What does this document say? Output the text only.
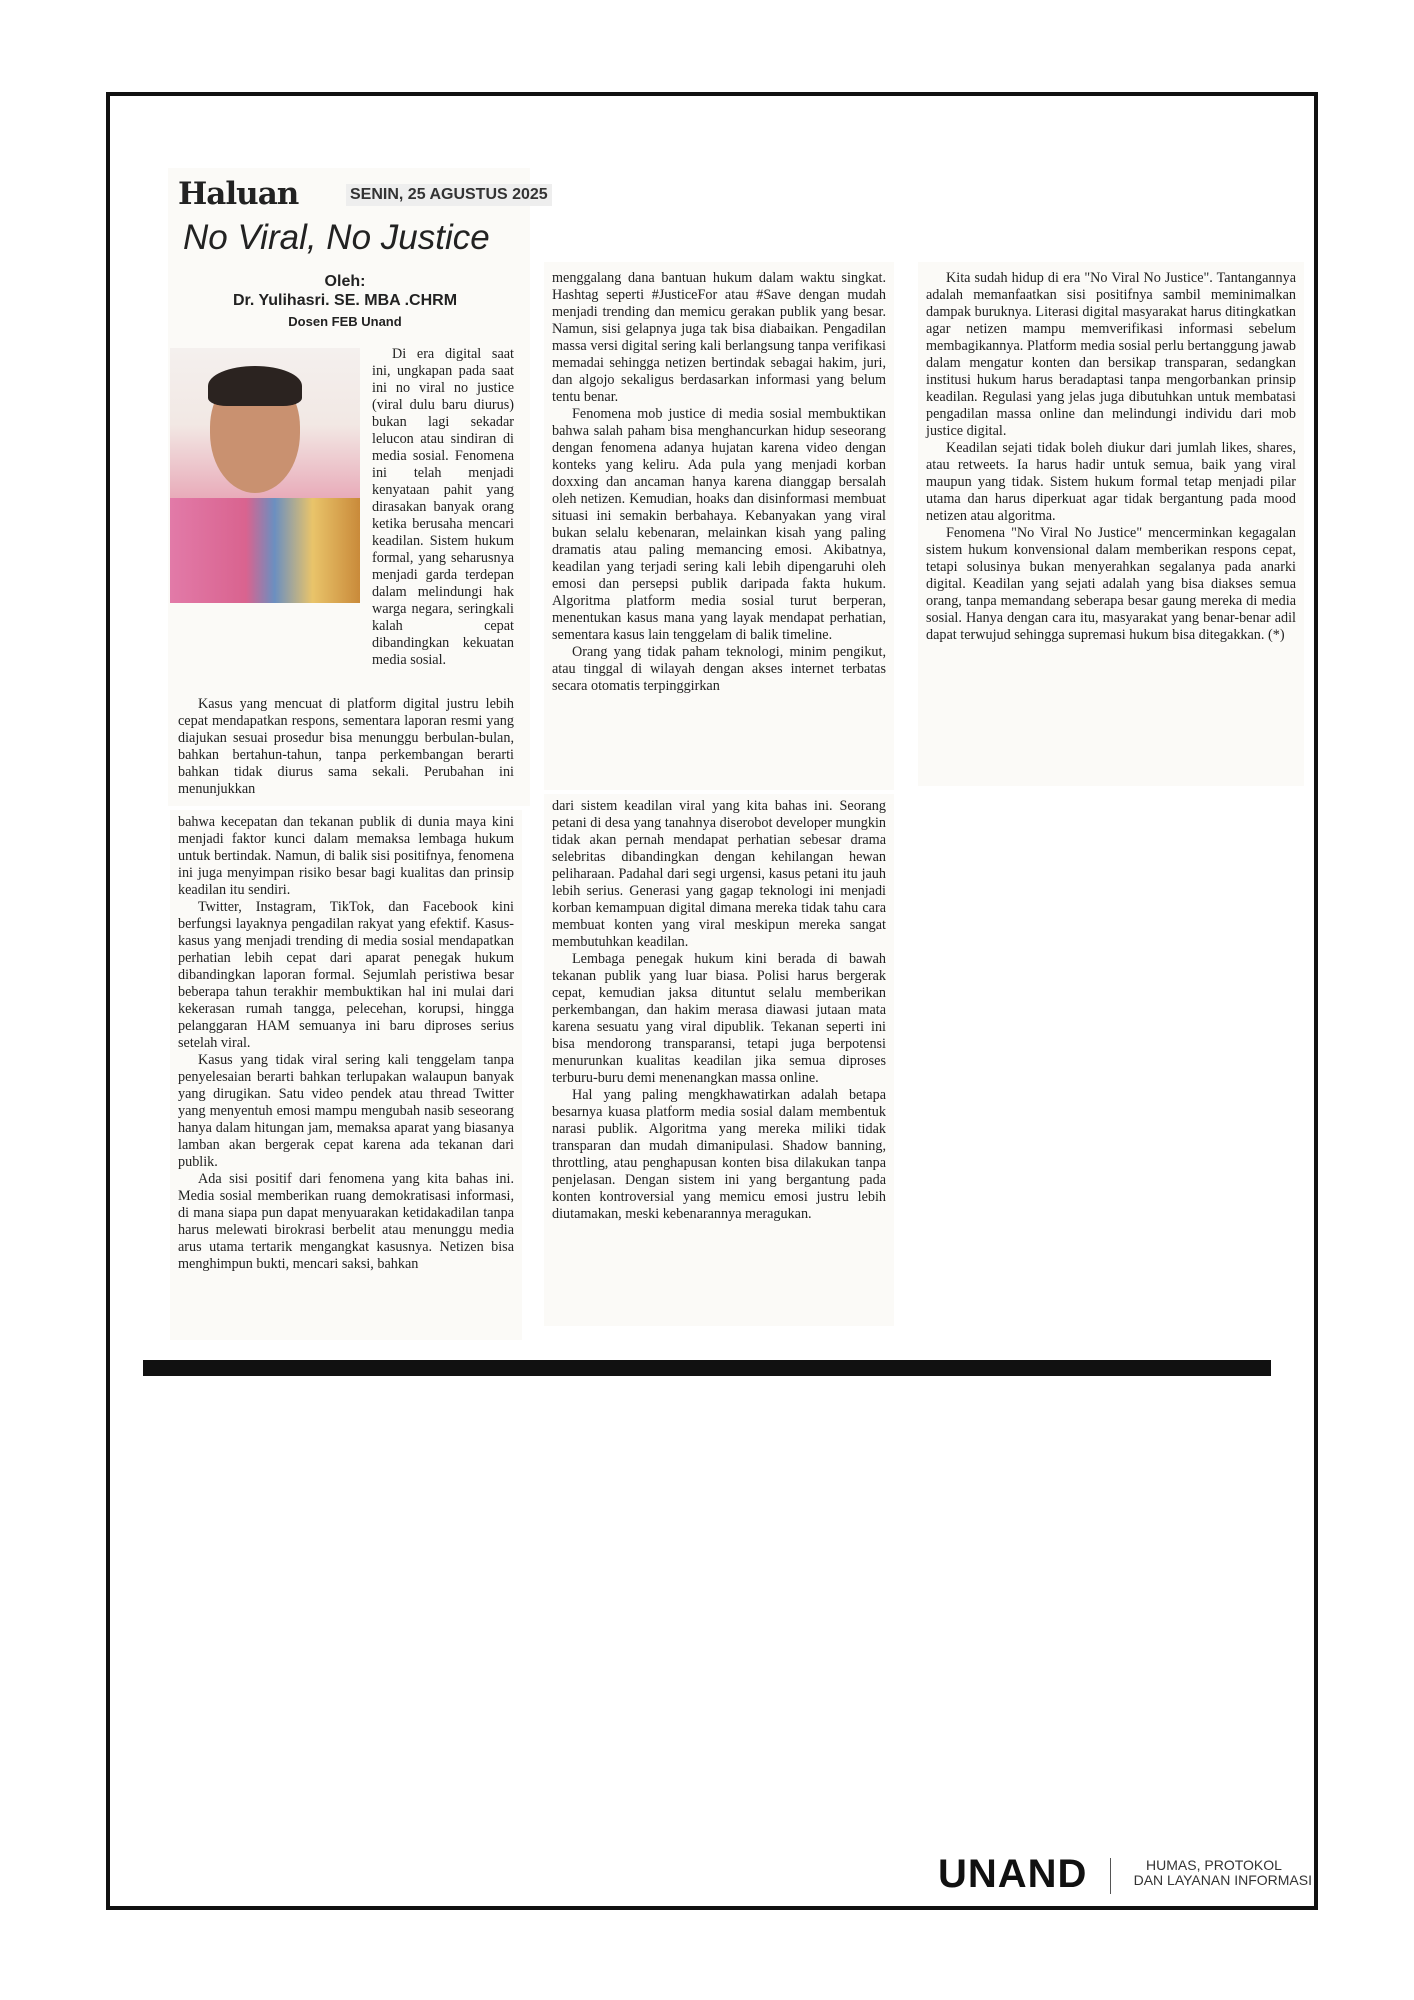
Haluan	SENIN, 25 AGUSTUS 2025
No Viral, No Justice
Oleh:
Dr. Yulihasri. SE. MBA .CHRM
Dosen FEB Unand

Di era digital saat ini, ungkapan pada saat ini no viral no justice (viral dulu baru diurus) bukan lagi sekadar lelucon atau sindiran di media sosial. Fenomena ini telah menjadi kenyataan pahit yang dirasakan banyak orang ketika berusaha mencari keadilan. Sistem hukum formal, yang seharusnya menjadi garda terdepan dalam melindungi hak warga negara, seringkali kalah cepat dibandingkan kekuatan media sosial.

Kasus yang mencuat di platform digital justru lebih cepat mendapatkan respons, sementara laporan resmi yang diajukan sesuai prosedur bisa menunggu berbulan-bulan, bahkan bertahun-tahun, tanpa perkembangan berarti bahkan tidak diurus sama sekali. Perubahan ini menunjukkan

bahwa kecepatan dan tekanan publik di dunia maya kini menjadi faktor kunci dalam memaksa lembaga hukum untuk bertindak. Namun, di balik sisi positifnya, fenomena ini juga menyimpan risiko besar bagi kualitas dan prinsip keadilan itu sendiri.

Twitter, Instagram, TikTok, dan Facebook kini berfungsi layaknya pengadilan rakyat yang efektif. Kasus-kasus yang menjadi trending di media sosial mendapatkan perhatian lebih cepat dari aparat penegak hukum dibandingkan laporan formal. Sejumlah peristiwa besar beberapa tahun terakhir membuktikan hal ini mulai dari kekerasan rumah tangga, pelecehan, korupsi, hingga pelanggaran HAM semuanya ini baru diproses serius setelah viral.

Kasus yang tidak viral sering kali tenggelam tanpa penyelesaian berarti bahkan terlupakan walaupun banyak yang dirugikan. Satu video pendek atau thread Twitter yang menyentuh emosi mampu mengubah nasib seseorang hanya dalam hitungan jam, memaksa aparat yang biasanya lamban akan bergerak cepat karena ada tekanan dari publik.

Ada sisi positif dari fenomena yang kita bahas ini. Media sosial memberikan ruang demokratisasi informasi, di mana siapa pun dapat menyuarakan ketidakadilan tanpa harus melewati birokrasi berbelit atau menunggu media arus utama tertarik mengangkat kasusnya. Netizen bisa menghimpun bukti, mencari saksi, bahkan

menggalang dana bantuan hukum dalam waktu singkat. Hashtag seperti #JusticeFor atau #Save dengan mudah menjadi trending dan memicu gerakan publik yang besar. Namun, sisi gelapnya juga tak bisa diabaikan. Pengadilan massa versi digital sering kali berlangsung tanpa verifikasi memadai sehingga netizen bertindak sebagai hakim, juri, dan algojo sekaligus berdasarkan informasi yang belum tentu benar.

Fenomena mob justice di media sosial membuktikan bahwa salah paham bisa menghancurkan hidup seseorang dengan fenomena adanya hujatan karena video dengan konteks yang keliru. Ada pula yang menjadi korban doxxing dan ancaman hanya karena dianggap bersalah oleh netizen. Kemudian, hoaks dan disinformasi membuat situasi ini semakin berbahaya. Kebanyakan yang viral bukan selalu kebenaran, melainkan kisah yang paling dramatis atau paling memancing emosi. Akibatnya, keadilan yang terjadi sering kali lebih dipengaruhi oleh emosi dan persepsi publik daripada fakta hukum. Algoritma platform media sosial turut berperan, menentukan kasus mana yang layak mendapat perhatian, sementara kasus lain tenggelam di balik timeline.

Orang yang tidak paham teknologi, minim pengikut, atau tinggal di wilayah dengan akses internet terbatas secara otomatis terpinggirkan

dari sistem keadilan viral yang kita bahas ini. Seorang petani di desa yang tanahnya diserobot developer mungkin tidak akan pernah mendapat perhatian sebesar drama selebritas dibandingkan dengan kehilangan hewan peliharaan. Padahal dari segi urgensi, kasus petani itu jauh lebih serius. Generasi yang gagap teknologi ini menjadi korban kemampuan digital dimana mereka tidak tahu cara membuat konten yang viral meskipun mereka sangat membutuhkan keadilan.

Lembaga penegak hukum kini berada di bawah tekanan publik yang luar biasa. Polisi harus bergerak cepat, kemudian jaksa dituntut selalu memberikan perkembangan, dan hakim merasa diawasi jutaan mata karena sesuatu yang viral dipublik. Tekanan seperti ini bisa mendorong transparansi, tetapi juga berpotensi menurunkan kualitas keadilan jika semua diproses terburu-buru demi menenangkan massa online.

Hal yang paling mengkhawatirkan adalah betapa besarnya kuasa platform media sosial dalam membentuk narasi publik. Algoritma yang mereka miliki tidak transparan dan mudah dimanipulasi. Shadow banning, throttling, atau penghapusan konten bisa dilakukan tanpa penjelasan. Dengan sistem ini yang bergantung pada konten kontroversial yang memicu emosi justru lebih diutamakan, meski kebenarannya meragukan.

Kita sudah hidup di era "No Viral No Justice". Tantangannya adalah memanfaatkan sisi positifnya sambil meminimalkan dampak buruknya. Literasi digital masyarakat harus ditingkatkan agar netizen mampu memverifikasi informasi sebelum membagikannya. Platform media sosial perlu bertanggung jawab dalam mengatur konten dan bersikap transparan, sedangkan institusi hukum harus beradaptasi tanpa mengorbankan prinsip keadilan. Regulasi yang jelas juga dibutuhkan untuk membatasi pengadilan massa online dan melindungi individu dari mob justice digital.

Keadilan sejati tidak boleh diukur dari jumlah likes, shares, atau retweets. Ia harus hadir untuk semua, baik yang viral maupun yang tidak. Sistem hukum formal tetap menjadi pilar utama dan harus diperkuat agar tidak bergantung pada mood netizen atau algoritma.

Fenomena "No Viral No Justice" mencerminkan kegagalan sistem hukum konvensional dalam memberikan respons cepat, tetapi solusinya bukan menyerahkan segalanya pada anarki digital. Keadilan yang sejati adalah yang bisa diakses semua orang, tanpa memandang seberapa besar gaung mereka di media sosial. Hanya dengan cara itu, masyarakat yang benar-benar adil dapat terwujud sehingga supremasi hukum bisa ditegakkan. (*)

UNAND	HUMAS, PROTOKOL
DAN LAYANAN INFORMASI
